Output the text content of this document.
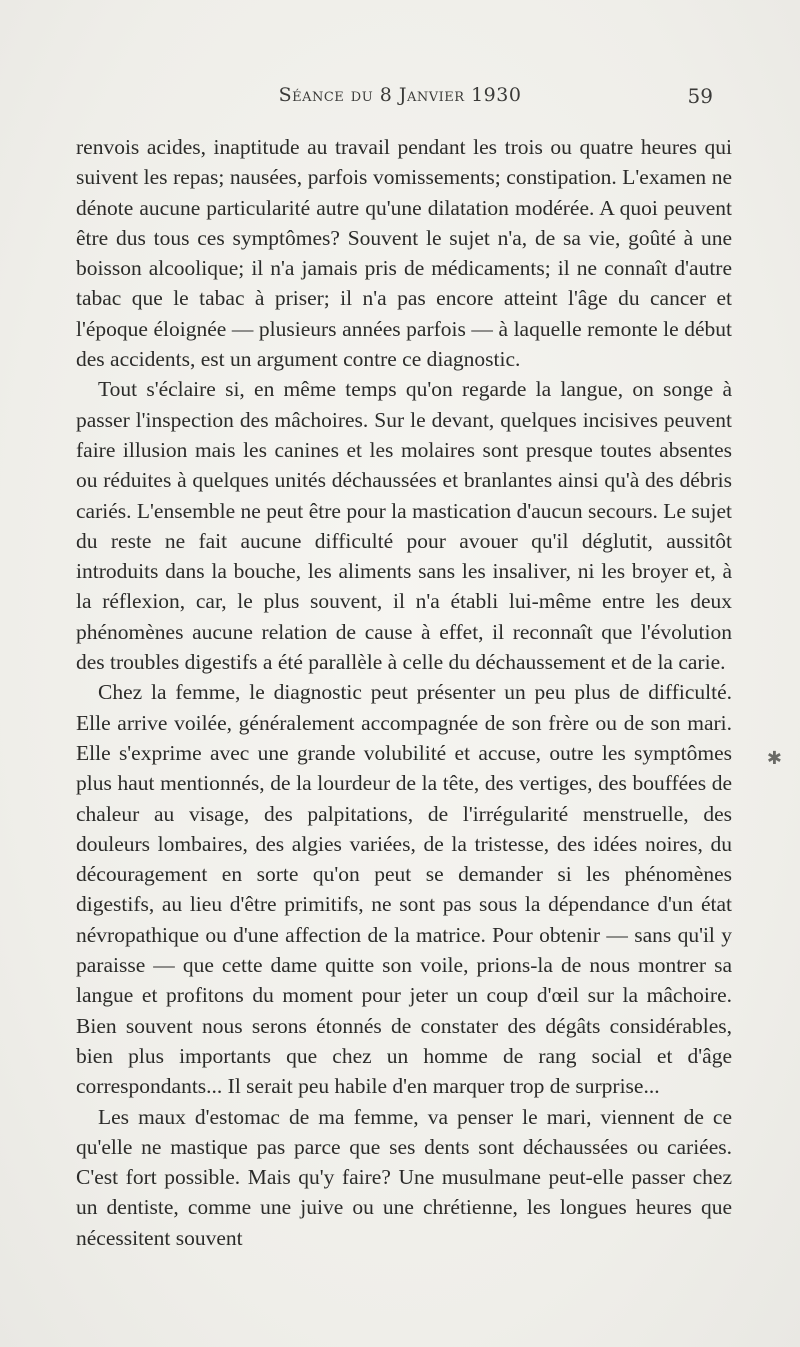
Séance du 8 Janvier 1930	59

renvois acides, inaptitude au travail pendant les trois ou quatre heures qui suivent les repas; nausées, parfois vomissements; constipation. L'examen ne dénote aucune particularité autre qu'une dilatation modérée. A quoi peuvent être dus tous ces symptômes? Souvent le sujet n'a, de sa vie, goûté à une boisson alcoolique; il n'a jamais pris de médicaments; il ne connaît d'autre tabac que le tabac à priser; il n'a pas encore atteint l'âge du cancer et l'époque éloignée — plusieurs années parfois — à laquelle remonte le début des accidents, est un argument contre ce diagnostic.

Tout s'éclaire si, en même temps qu'on regarde la langue, on songe à passer l'inspection des mâchoires. Sur le devant, quelques incisives peuvent faire illusion mais les canines et les molaires sont presque toutes absentes ou réduites à quelques unités déchaussées et branlantes ainsi qu'à des débris cariés. L'ensemble ne peut être pour la mastication d'aucun secours. Le sujet du reste ne fait aucune difficulté pour avouer qu'il déglutit, aussitôt introduits dans la bouche, les aliments sans les insaliver, ni les broyer et, à la réflexion, car, le plus souvent, il n'a établi lui-même entre les deux phénomènes aucune relation de cause à effet, il reconnaît que l'évolution des troubles digestifs a été parallèle à celle du déchaussement et de la carie.

Chez la femme, le diagnostic peut présenter un peu plus de difficulté. Elle arrive voilée, généralement accompagnée de son frère ou de son mari. Elle s'exprime avec une grande volubilité et accuse, outre les symptômes plus haut mentionnés, de la lourdeur de la tête, des vertiges, des bouffées de chaleur au visage, des palpitations, de l'irrégularité menstruelle, des douleurs lombaires, des algies variées, de la tristesse, des idées noires, du découragement en sorte qu'on peut se demander si les phénomènes digestifs, au lieu d'être primitifs, ne sont pas sous la dépendance d'un état névropathique ou d'une affection de la matrice. Pour obtenir — sans qu'il y paraisse — que cette dame quitte son voile, prions-la de nous montrer sa langue et profitons du moment pour jeter un coup d'œil sur la mâchoire. Bien souvent nous serons étonnés de constater des dégâts considérables, bien plus importants que chez un homme de rang social et d'âge correspondants... Il serait peu habile d'en marquer trop de surprise...

Les maux d'estomac de ma femme, va penser le mari, viennent de ce qu'elle ne mastique pas parce que ses dents sont déchaussées ou cariées. C'est fort possible. Mais qu'y faire? Une musulmane peut-elle passer chez un dentiste, comme une juive ou une chrétienne, les longues heures que nécessitent souvent

✱
